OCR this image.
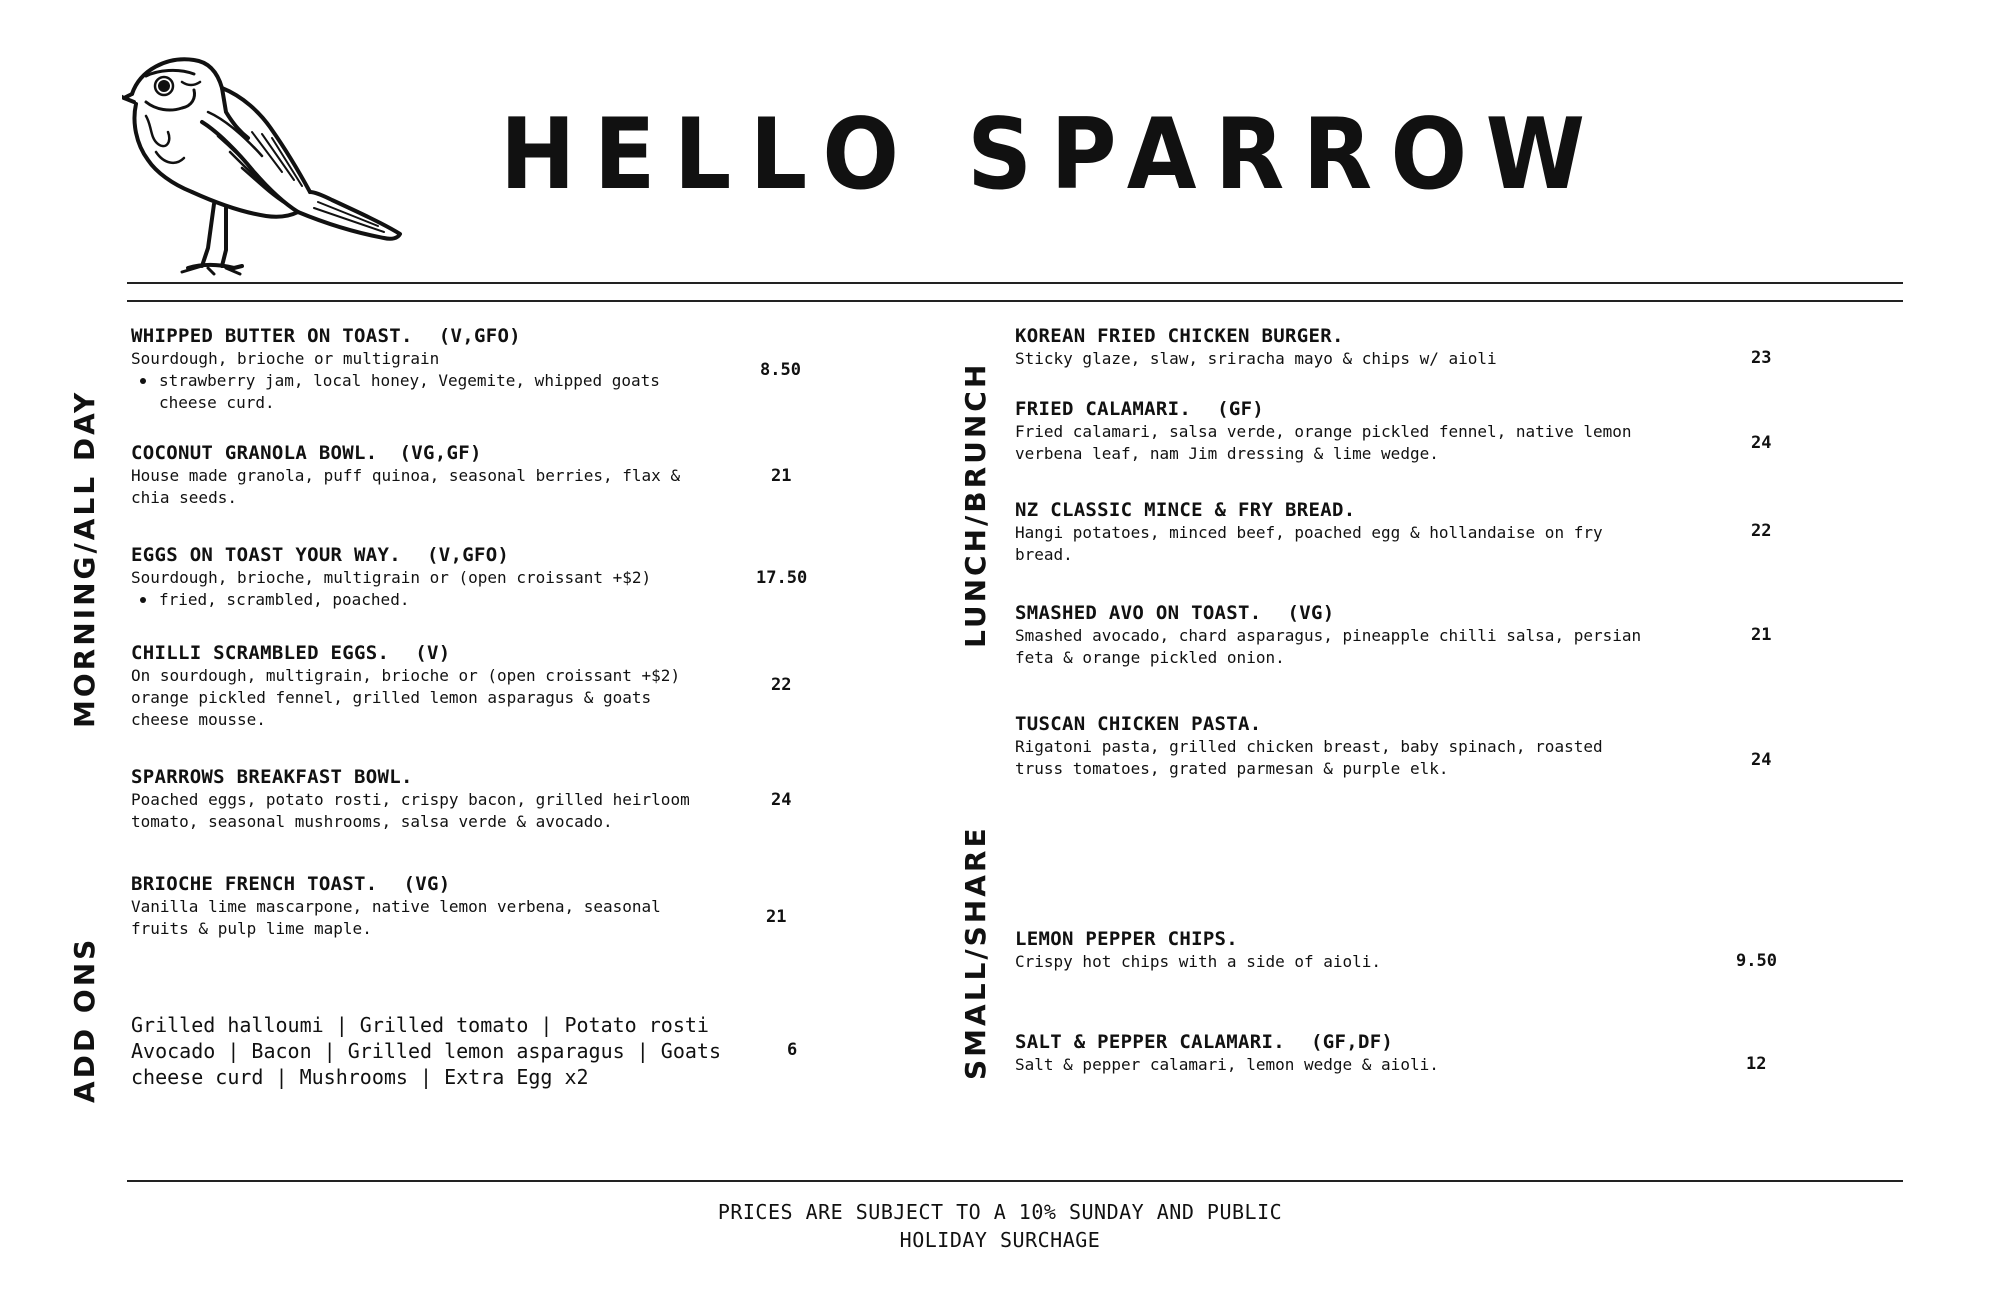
HELLO SPARROW
MORNING/ALL DAY
ADD ONS
LUNCH/BRUNCH
SMALL/SHARE
WHIPPED BUTTER ON TOAST. (V,GFO)
Sourdough, brioche or multigrain
strawberry jam, local honey, Vegemite, whipped goats cheese curd.
8.50
COCONUT GRANOLA BOWL. (VG,GF)
House made granola, puff quinoa, seasonal berries, flax & chia seeds.
21
EGGS ON TOAST YOUR WAY. (V,GFO)
Sourdough, brioche, multigrain or (open croissant +$2)
fried, scrambled, poached.
17.50
CHILLI SCRAMBLED EGGS. (V)
On sourdough, multigrain, brioche or (open croissant +$2) orange pickled fennel, grilled lemon asparagus & goats cheese mousse.
22
SPARROWS BREAKFAST BOWL.
Poached eggs, potato rosti, crispy bacon, grilled heirloom tomato, seasonal mushrooms, salsa verde & avocado.
24
BRIOCHE FRENCH TOAST. (VG)
Vanilla lime mascarpone, native lemon verbena, seasonal fruits & pulp lime maple.
21
Grilled halloumi | Grilled tomato | Potato rosti Avocado | Bacon | Grilled lemon asparagus | Goats cheese curd | Mushrooms | Extra Egg x2
6
KOREAN FRIED CHICKEN BURGER.
Sticky glaze, slaw, sriracha mayo & chips w/ aioli	23
FRIED CALAMARI. (GF)
Fried calamari, salsa verde, orange pickled fennel, native lemon verbena leaf, nam Jim dressing & lime wedge.
24
NZ CLASSIC MINCE & FRY BREAD.
Hangi potatoes, minced beef, poached egg & hollandaise on fry bread.
22
SMASHED AVO ON TOAST. (VG)
Smashed avocado, chard asparagus, pineapple chilli salsa, persian feta & orange pickled onion.
21
TUSCAN CHICKEN PASTA.
Rigatoni pasta, grilled chicken breast, baby spinach, roasted truss tomatoes, grated parmesan & purple elk.	24
LEMON PEPPER CHIPS.
Crispy hot chips with a side of aioli.	9.50
SALT & PEPPER CALAMARI. (GF,DF)
Salt & pepper calamari, lemon wedge & aioli.	12
PRICES ARE SUBJECT TO A 10% SUNDAY AND PUBLIC
HOLIDAY SURCHAGE
